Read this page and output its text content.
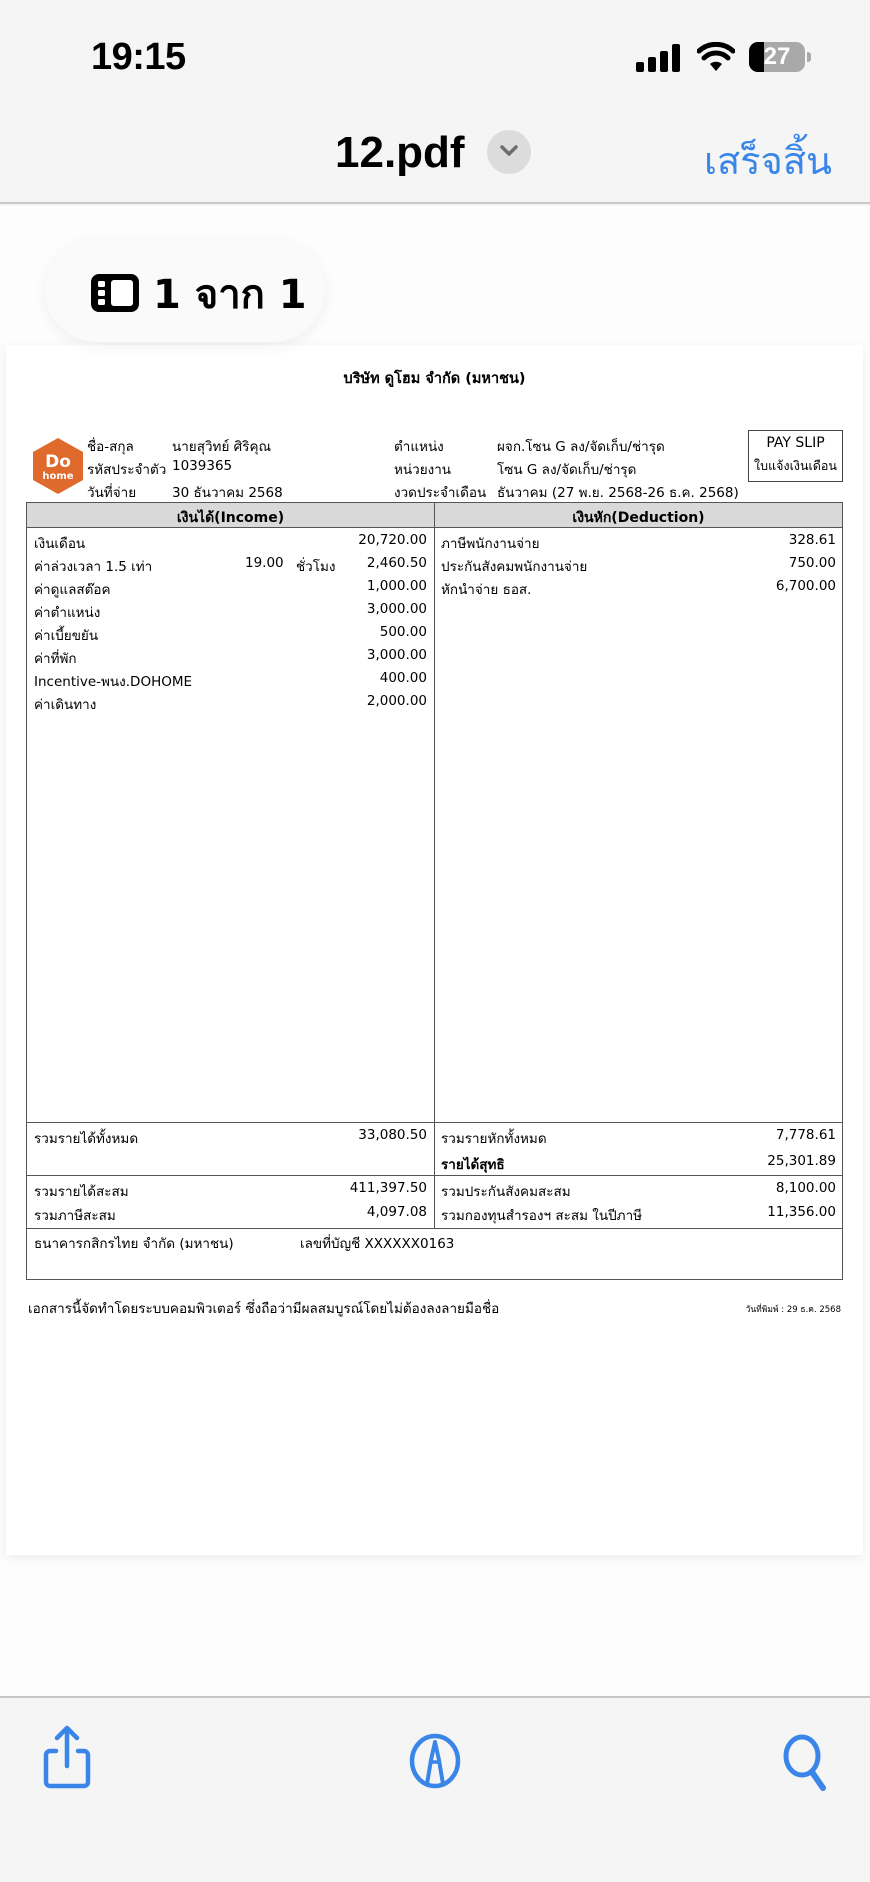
19:15	27
12.pdf	เสร็จสิ้น
1 จาก 1
บริษัท ดูโฮม จำกัด (มหาชน)
Do
home
ชื่อ-สกุล	นายสุวิทย์ ศิริคุณ
รหัสประจำตัว 1039365
วันที่จ่าย	30 ธันวาคม 2568
ตำแหน่ง	ผจก.โซน G ลง/จัดเก็บ/ช่ารุด
หน่วยงาน	โซน G ลง/จัดเก็บ/ช่ารุด
งวดประจำเดือน ธันวาคม (27 พ.ย. 2568-26 ธ.ค. 2568)
PAY SLIP
ใบแจ้งเงินเดือน
เงินได้(Income)	เงินหัก(Deduction)
เงินเดือน	20,720.00
ค่าล่วงเวลา 1.5 เท่า	19.00 ชั่วโมง 2,460.50
ค่าดูแลสต๊อค	1,000.00
ค่าตำแหน่ง	3,000.00
ค่าเบี้ยขยัน	500.00
ค่าที่พัก	3,000.00
Incentive-พนง.DOHOME	400.00
ค่าเดินทาง	2,000.00
ภาษีพนักงานจ่าย	328.61
ประกันสังคมพนักงานจ่าย	750.00
หักนำจ่าย ธอส.	6,700.00
รวมรายได้ทั้งหมด	33,080.50 รวมรายหักทั้งหมด	7,778.61
รายได้สุทธิ	25,301.89
รวมรายได้สะสม	411,397.50
รวมภาษีสะสม	4,097.08
รวมประกันสังคมสะสม	8,100.00
รวมกองทุนสำรองฯ สะสม ในปีภาษี	11,356.00
ธนาคารกสิกรไทย จำกัด (มหาชน)	เลขที่บัญชี XXXXXX0163
เอกสารนี้จัดทำโดยระบบคอมพิวเตอร์ ซึ่งถือว่ามีผลสมบูรณ์โดยไม่ต้องลงลายมือชื่อ	วันที่พิมพ์ : 29 ธ.ค. 2568
